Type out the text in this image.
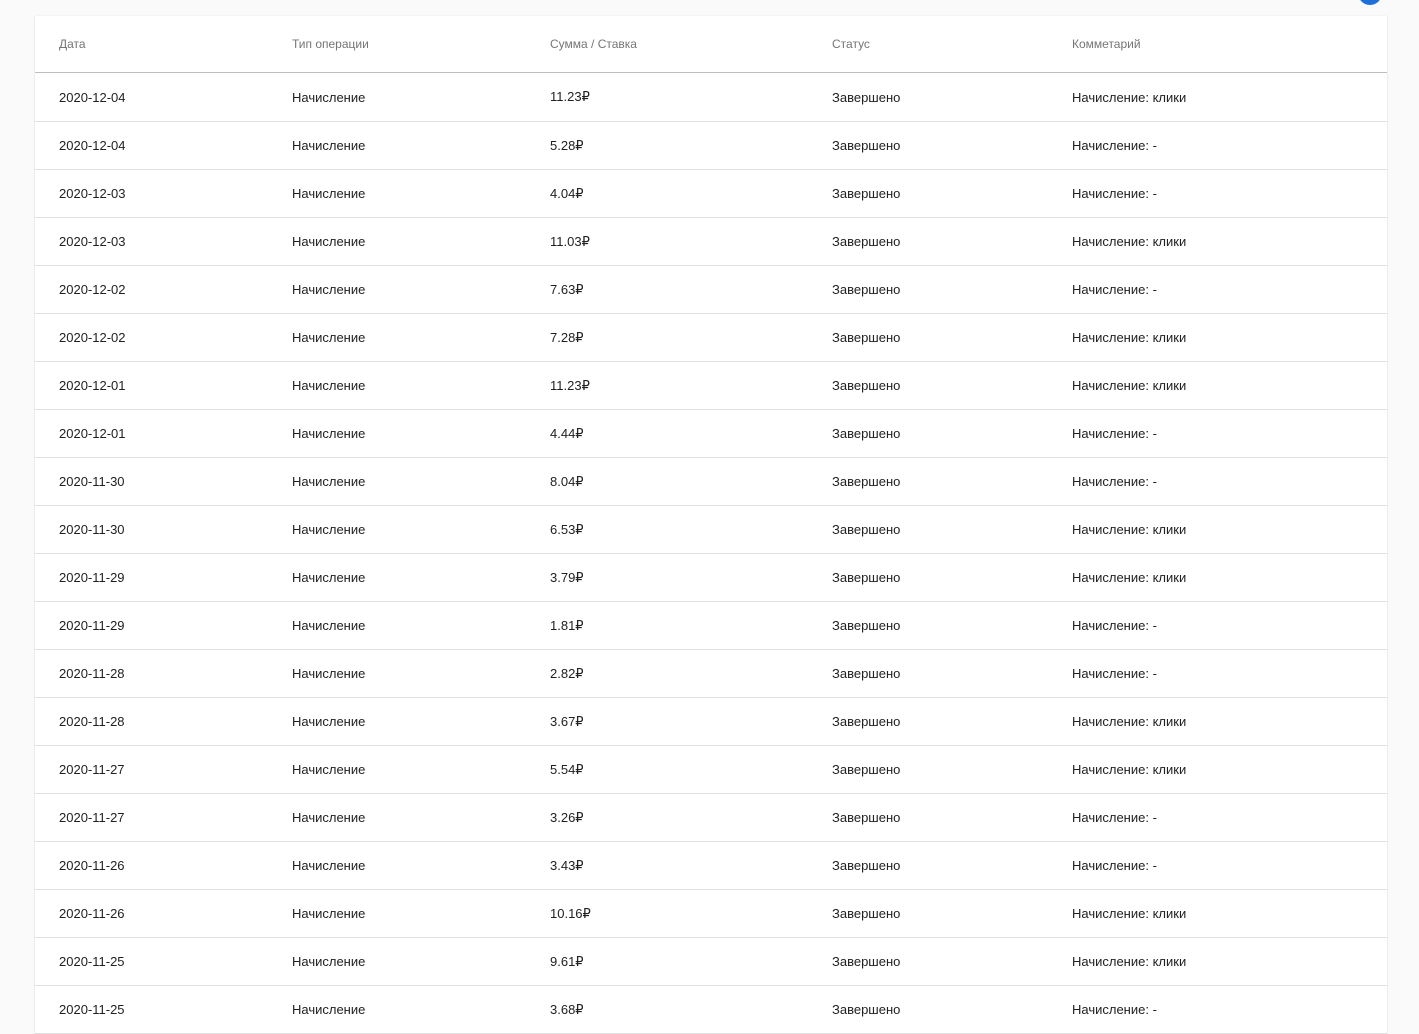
Дата	Тип операции	Сумма / Ставка	Статус	Комметарий
2020-12-04	Начисление	11.23₽	Завершено	Начисление: клики
2020-12-04	Начисление	5.28₽	Завершено	Начисление: -
2020-12-03	Начисление	4.04₽	Завершено	Начисление: -
2020-12-03	Начисление	11.03₽	Завершено	Начисление: клики
2020-12-02	Начисление	7.63₽	Завершено	Начисление: -
2020-12-02	Начисление	7.28₽	Завершено	Начисление: клики
2020-12-01	Начисление	11.23₽	Завершено	Начисление: клики
2020-12-01	Начисление	4.44₽	Завершено	Начисление: -
2020-11-30	Начисление	8.04₽	Завершено	Начисление: -
2020-11-30	Начисление	6.53₽	Завершено	Начисление: клики
2020-11-29	Начисление	3.79₽	Завершено	Начисление: клики
2020-11-29	Начисление	1.81₽	Завершено	Начисление: -
2020-11-28	Начисление	2.82₽	Завершено	Начисление: -
2020-11-28	Начисление	3.67₽	Завершено	Начисление: клики
2020-11-27	Начисление	5.54₽	Завершено	Начисление: клики
2020-11-27	Начисление	3.26₽	Завершено	Начисление: -
2020-11-26	Начисление	3.43₽	Завершено	Начисление: -
2020-11-26	Начисление	10.16₽	Завершено	Начисление: клики
2020-11-25	Начисление	9.61₽	Завершено	Начисление: клики
2020-11-25	Начисление	3.68₽	Завершено	Начисление: -
